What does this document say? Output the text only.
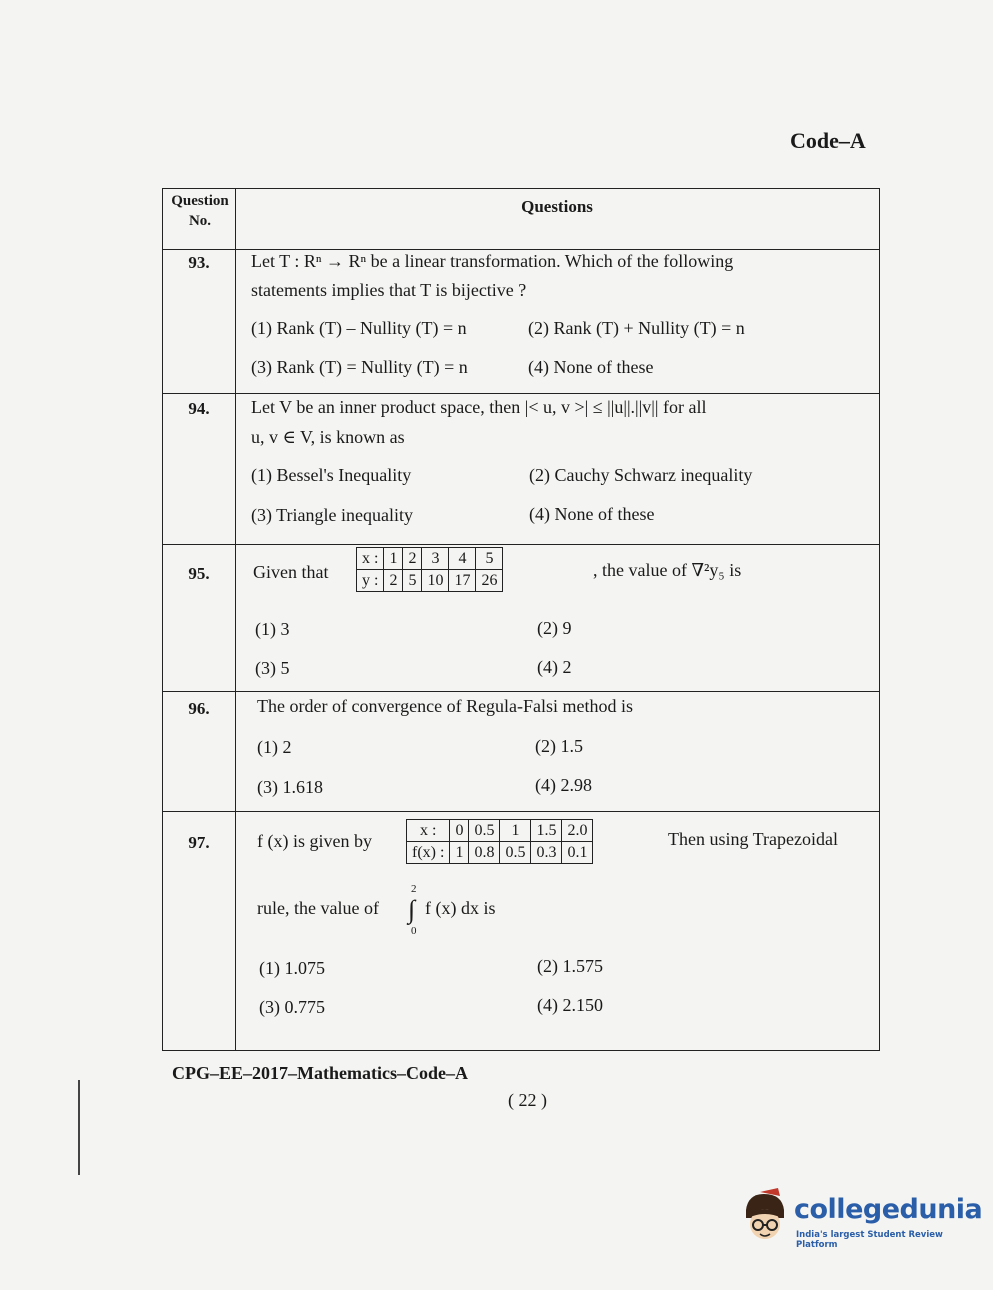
Code–A
Question No.
Questions
93.	Let T : Rⁿ → Rⁿ be a linear transformation. Which of the following
statements implies that T is bijective ?
(1) Rank (T) – Nullity (T) = n	(2) Rank (T) + Nullity (T) = n
(3) Rank (T) = Nullity (T) = n	(4) None of these
94.	Let V be an inner product space, then |< u, v >| ≤ ||u||.||v|| for all
u, v ∈ V, is known as
(1) Bessel's Inequality	(2) Cauchy Schwarz inequality
(3) Triangle inequality	(4) None of these
95.	Given that
x :	1	2	3	4	5
y :	2	5	10	17	26	, the value of ∇²y₅ is
(1) 3	(2) 9
(3) 5	(4) 2
96.	The order of convergence of Regula-Falsi method is
(1) 2	(2) 1.5
(3) 1.618	(4) 2.98
97.	f (x) is given by
x :	0	0.5	1	1.5	2.0
f(x) :	1	0.8	0.5	0.3	0.1
Then using Trapezoidal
rule, the value of
2
∫
0
f (x) dx is
(1) 1.075	(2) 1.575
(3) 0.775	(4) 2.150
CPG–EE–2017–Mathematics–Code–A
( 22 )
collegedunia
India's largest Student Review Platform
